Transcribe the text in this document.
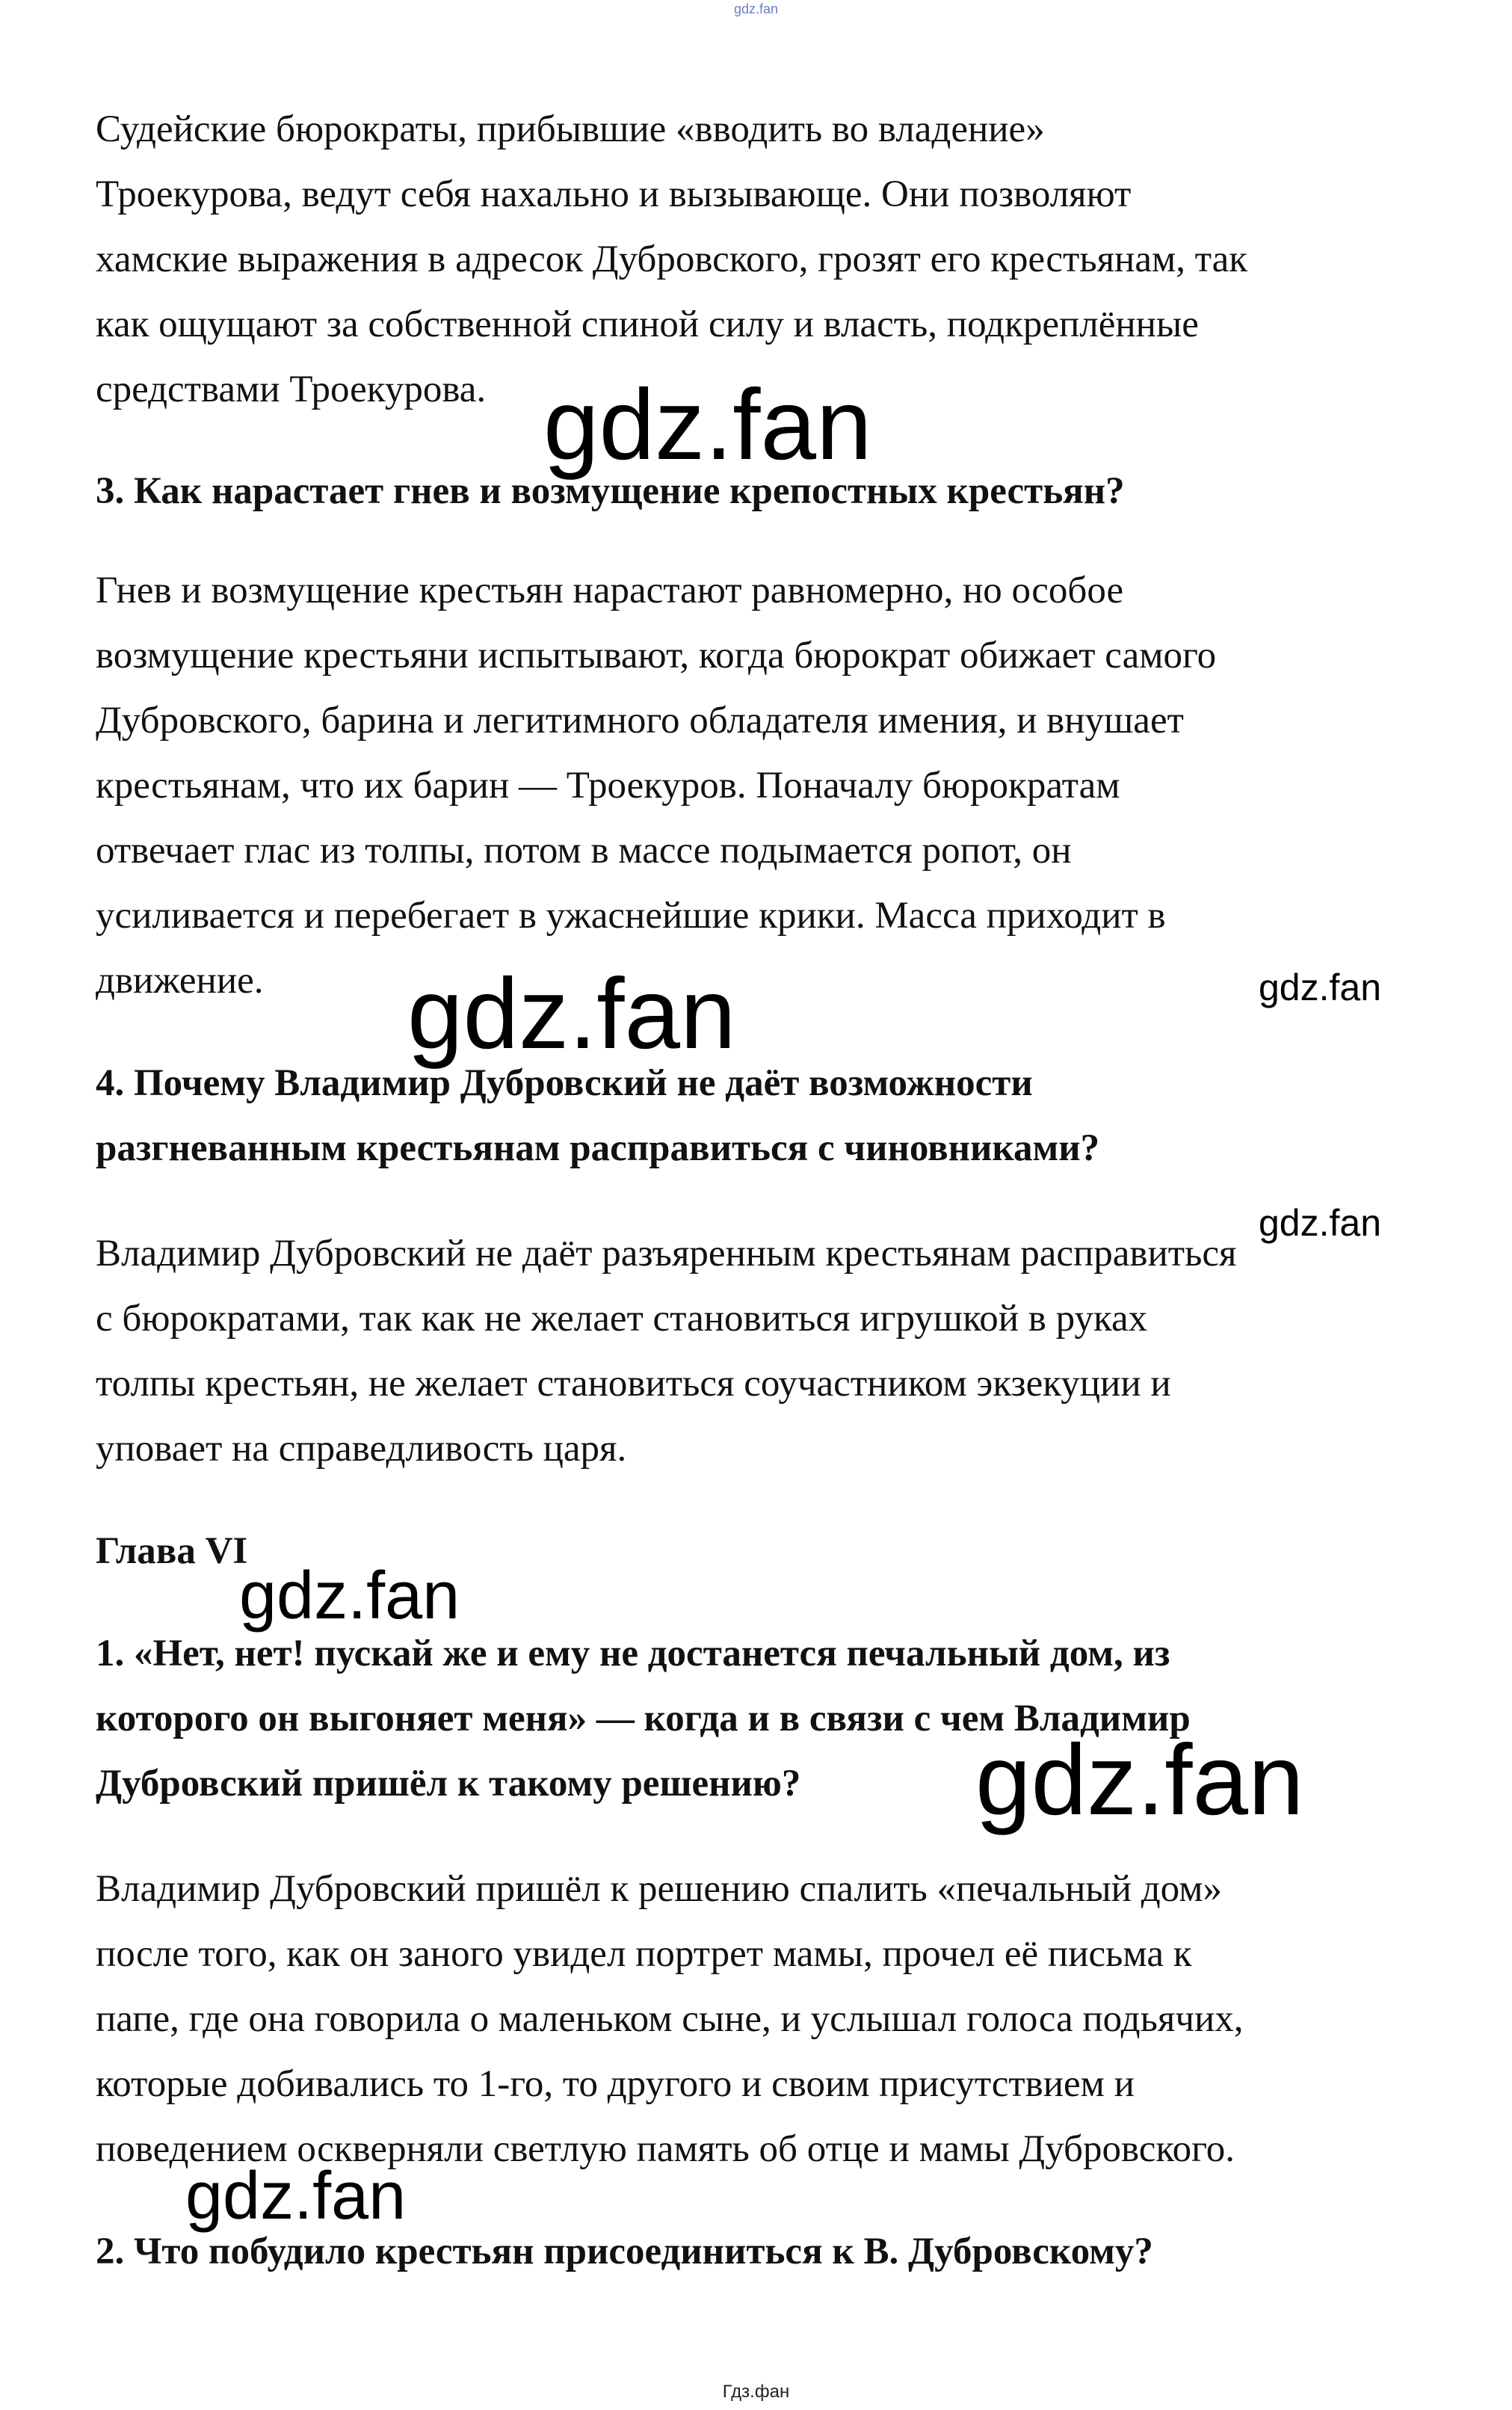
gdz.fan

Судейские бюрократы, прибывшие «вводить во владение»
Троекурова, ведут себя нахально и вызывающе. Они позволяют
хамские выражения в адресок Дубровского, грозят его крестьянам, так
как ощущают за собственной спиной силу и власть, подкреплённые
средствами Троекурова.

3. Как нарастает гнев и возмущение крепостных крестьян?

Гнев и возмущение крестьян нарастают равномерно, но особое
возмущение крестьяни испытывают, когда бюрократ обижает самого
Дубровского, барина и легитимного обладателя имения, и внушает
крестьянам, что их барин — Троекуров. Поначалу бюрократам
отвечает глас из толпы, потом в массе подымается ропот, он
усиливается и перебегает в ужаснейшие крики. Масса приходит в
движение.

4. Почему Владимир Дубровский не даёт возможности
разгневанным крестьянам расправиться с чиновниками?

Владимир Дубровский не даёт разъяренным крестьянам расправиться
с бюрократами, так как не желает становиться игрушкой в руках
толпы крестьян, не желает становиться соучастником экзекуции и
уповает на справедливость царя.

Глава VI

1. «Нет, нет! пускай же и ему не достанется печальный дом, из
которого он выгоняет меня» — когда и в связи с чем Владимир
Дубровский пришёл к такому решению?

Владимир Дубровский пришёл к решению спалить «печальный дом»
после того, как он заного увидел портрет мамы, прочел её письма к
папе, где она говорила о маленьком сыне, и услышал голоса подьячих,
которые добивались то 1-го, то другого и своим присутствием и
поведением оскверняли светлую память об отце и мамы Дубровского.

2. Что побудило крестьян присоединиться к В. Дубровскому?

gdz.fan
gdz.fan	gdz.fan
gdz.fan
gdz.fan
gdz.fan
gdz.fan
Гдз.фан
